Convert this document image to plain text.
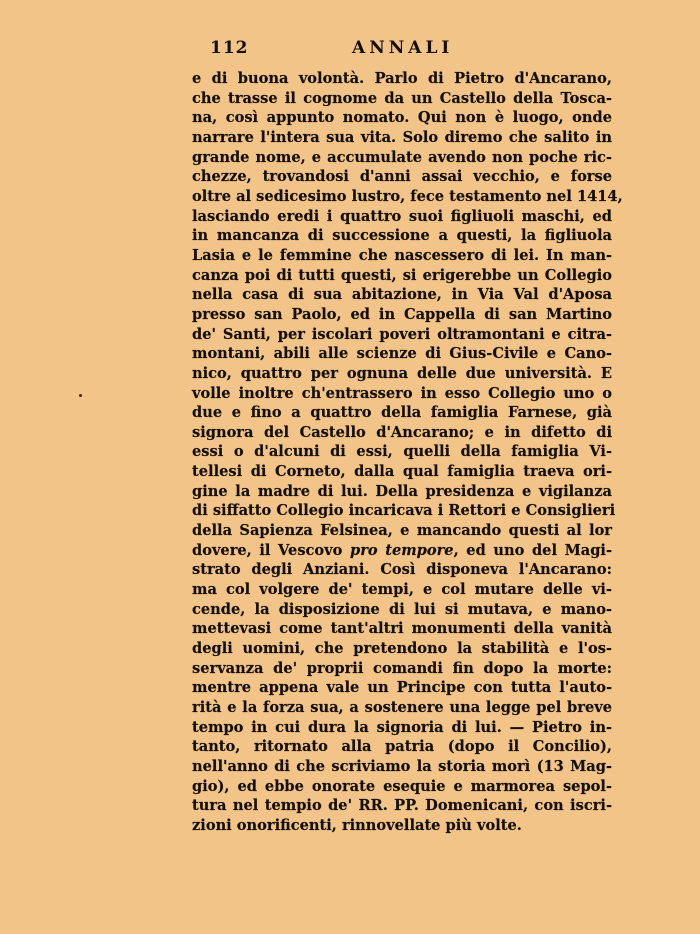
112	ANNALI
e di buona volontà. Parlo di Pietro d'Ancarano,
che trasse il cognome da un Castello della Tosca-
na, così appunto nomato. Qui non è luogo, onde
narrare l'intera sua vita. Solo diremo che salito in
grande nome, e accumulate avendo non poche ric-
chezze, trovandosi d'anni assai vecchio, e forse
oltre al sedicesimo lustro, fece testamento nel 1414,
lasciando eredi i quattro suoi figliuoli maschi, ed
in mancanza di successione a questi, la figliuola
Lasia e le femmine che nascessero di lei. In man-
canza poi di tutti questi, si erigerebbe un Collegio
nella casa di sua abitazione, in Via Val d'Aposa
presso san Paolo, ed in Cappella di san Martino
de' Santi, per iscolari poveri oltramontani e citra-
montani, abili alle scienze di Gius-Civile e Cano-
nico, quattro per ognuna delle due università. E
volle inoltre ch'entrassero in esso Collegio uno o
due e fino a quattro della famiglia Farnese, già
signora del Castello d'Ancarano; e in difetto di
essi o d'alcuni di essi, quelli della famiglia Vi-
tellesi di Corneto, dalla qual famiglia traeva ori-
gine la madre di lui. Della presidenza e vigilanza
di siffatto Collegio incaricava i Rettori e Consiglieri
della Sapienza Felsinea, e mancando questi al lor
dovere, il Vescovo pro tempore, ed uno del Magi-
strato degli Anziani. Così disponeva l'Ancarano:
ma col volgere de' tempi, e col mutare delle vi-
cende, la disposizione di lui si mutava, e mano-
mettevasi come tant'altri monumenti della vanità
degli uomini, che pretendono la stabilità e l'os-
servanza de' proprii comandi fin dopo la morte:
mentre appena vale un Principe con tutta l'auto-
rità e la forza sua, a sostenere una legge pel breve
tempo in cui dura la signoria di lui. — Pietro in-
tanto, ritornato alla patria (dopo il Concilio),
nell'anno di che scriviamo la storia morì (13 Mag-
gio), ed ebbe onorate esequie e marmorea sepol-
tura nel tempio de' RR. PP. Domenicani, con iscri-
zioni onorificenti, rinnovellate più volte.
